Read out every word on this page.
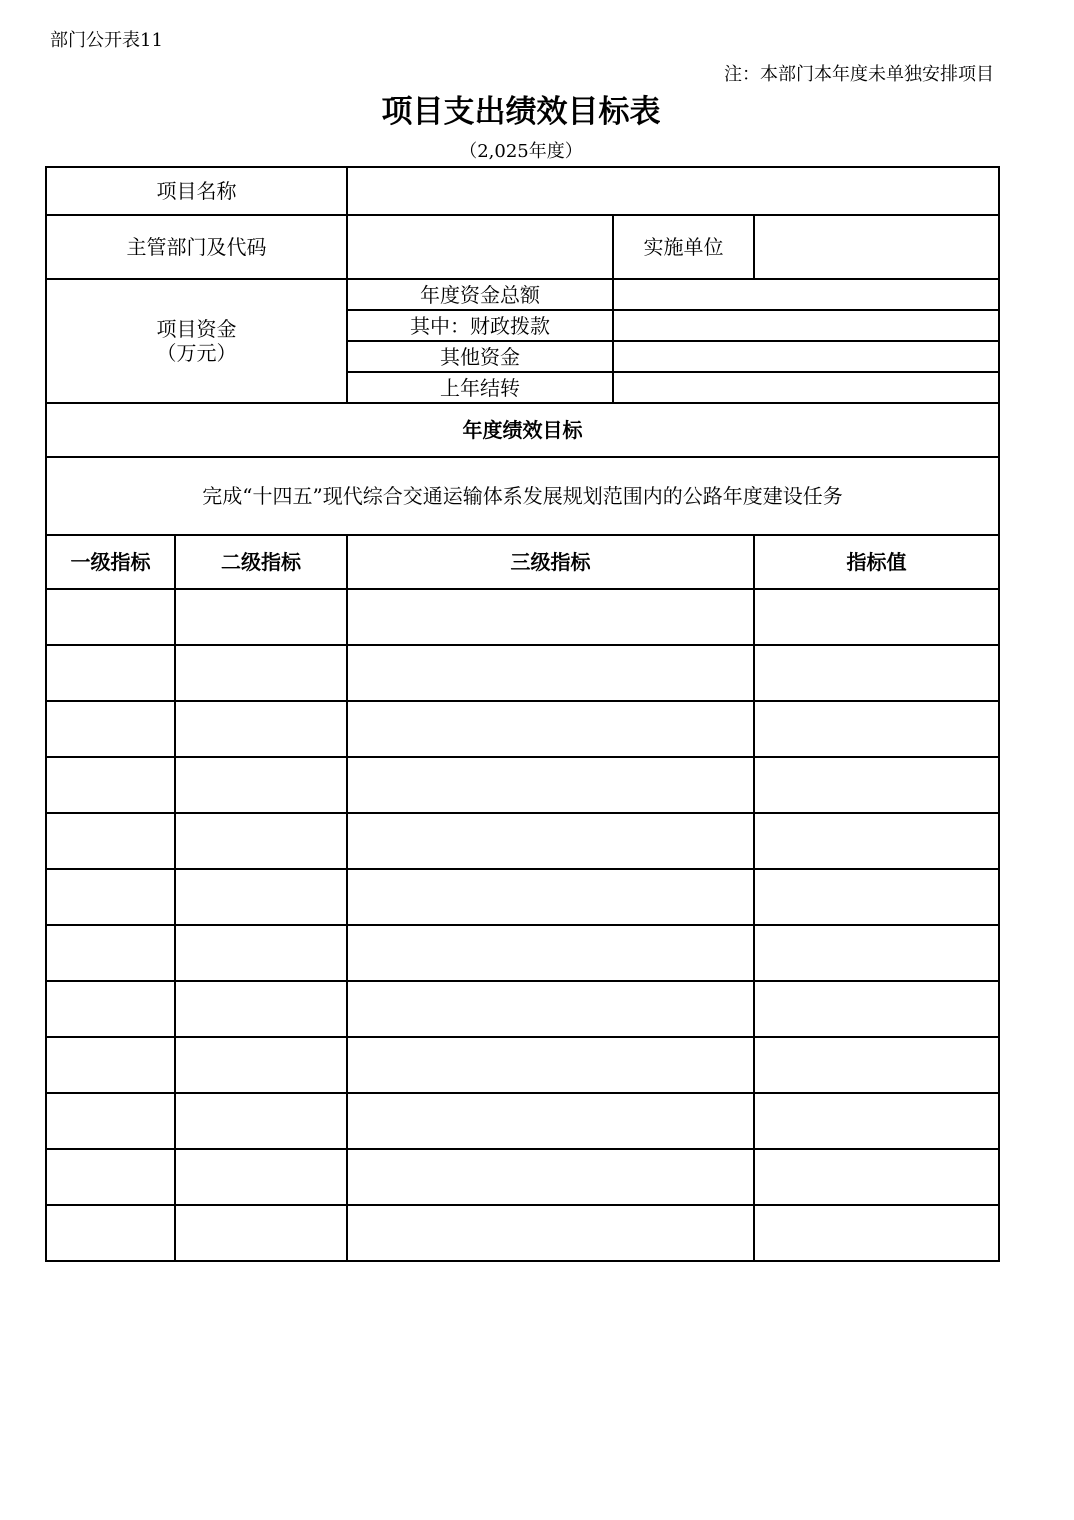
部门公开表11
注：本部门本年度未单独安排项目
项目支出绩效目标表
（2,025年度）
项目名称				
主管部门及代码			实施单位	

项目资金
（万元）		年度资金总额		
		其中：财政拨款		
		其他资金		
		上年结转		
年度绩效目标				
完成“十四五”现代综合交通运输体系发展规划范围内的公路年度建设任务				
一级指标	二级指标	三级指标		指标值
